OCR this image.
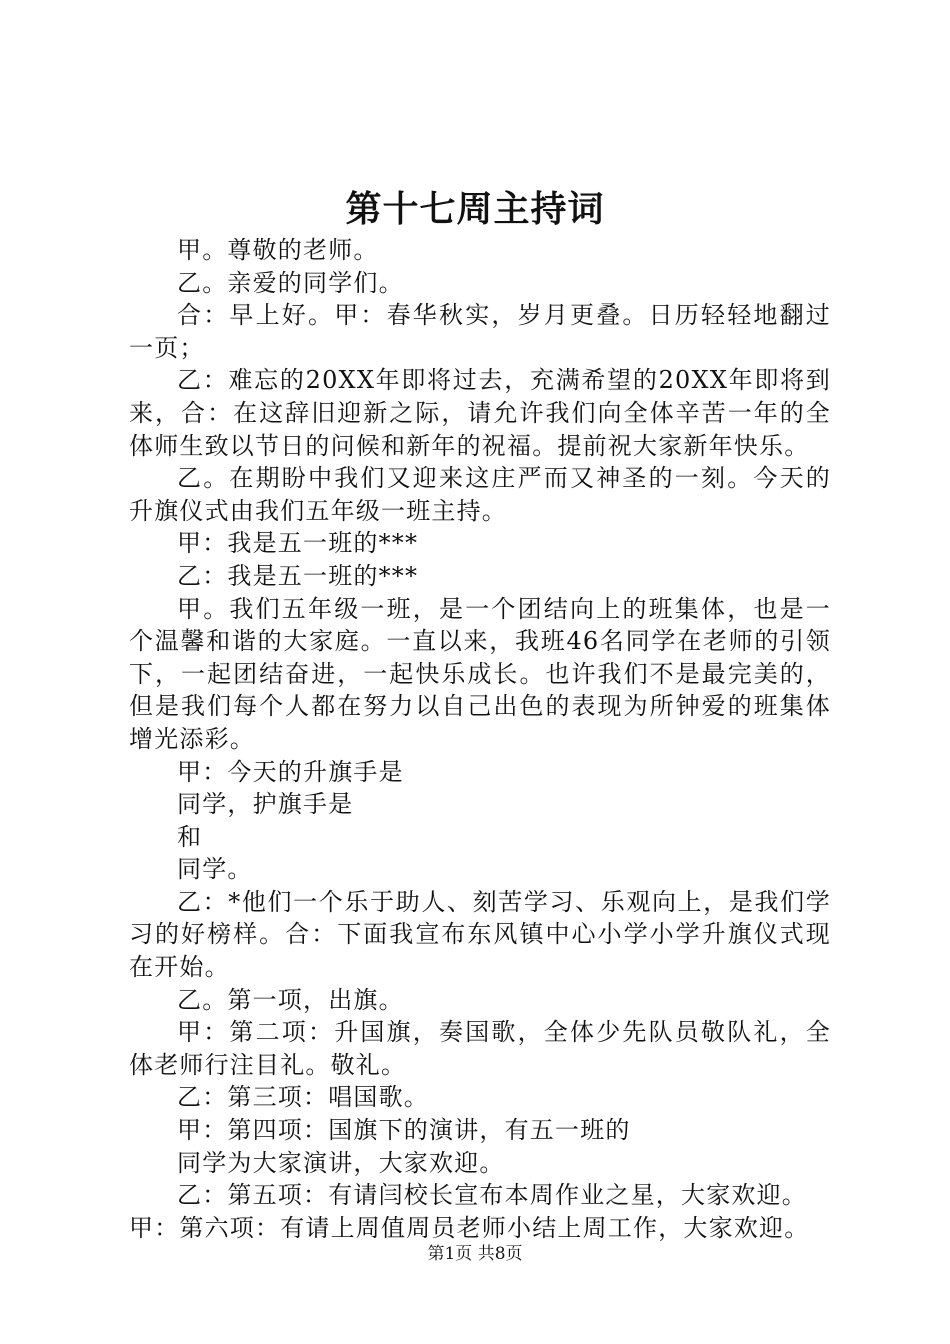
第十七周主持词

甲。尊敬的老师。

乙。亲爱的同学们。

合：早上好。甲：春华秋实，岁月更叠。日历轻轻地翻过一页；

乙：难忘的20XX年即将过去，充满希望的20XX年即将到来，合：在这辞旧迎新之际，请允许我们向全体辛苦一年的全体师生致以节日的问候和新年的祝福。提前祝大家新年快乐。

乙。在期盼中我们又迎来这庄严而又神圣的一刻。今天的升旗仪式由我们五年级一班主持。

甲：我是五一班的***

乙：我是五一班的***

甲。我们五年级一班，是一个团结向上的班集体，也是一个温馨和谐的大家庭。一直以来，我班46名同学在老师的引领下，一起团结奋进，一起快乐成长。也许我们不是最完美的，但是我们每个人都在努力以自己出色的表现为所钟爱的班集体增光添彩。

甲：今天的升旗手是

同学，护旗手是

和

同学。

乙：*他们一个乐于助人、刻苦学习、乐观向上，是我们学习的好榜样。合：下面我宣布东风镇中心小学小学升旗仪式现在开始。

乙。第一项，出旗。

甲：第二项：升国旗，奏国歌，全体少先队员敬队礼，全体老师行注目礼。敬礼。

乙：第三项：唱国歌。

甲：第四项：国旗下的演讲，有五一班的

同学为大家演讲，大家欢迎。

乙：第五项：有请闫校长宣布本周作业之星，大家欢迎。

甲：第六项：有请上周值周员老师小结上周工作，大家欢迎。

第1页 共8页
